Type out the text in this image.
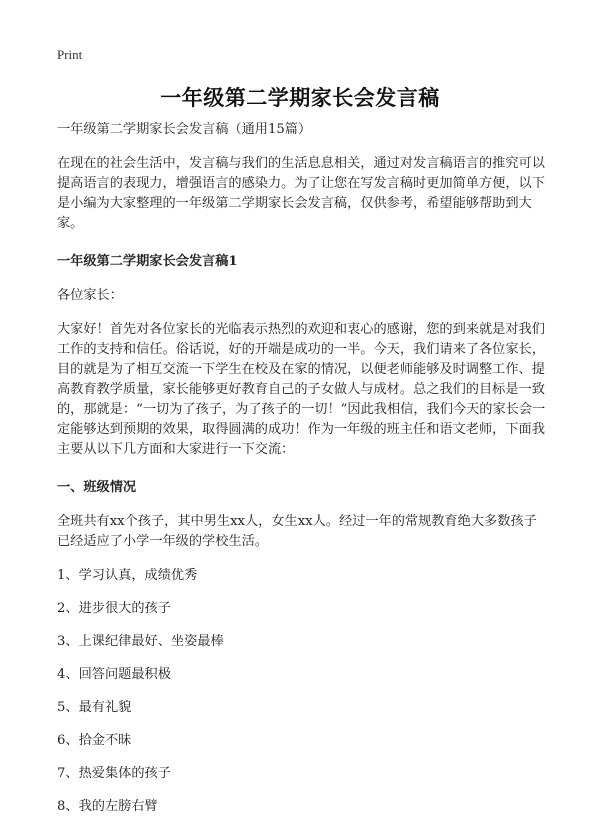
Print
一年级第二学期家长会发言稿

一年级第二学期家长会发言稿（通用15篇）

在现在的社会生活中，发言稿与我们的生活息息相关，通过对发言稿语言的推究可以提高语言的表现力，增强语言的感染力。为了让您在写发言稿时更加简单方便，以下是小编为大家整理的一年级第二学期家长会发言稿，仅供参考，希望能够帮助到大家。

一年级第二学期家长会发言稿1

各位家长：

大家好！首先对各位家长的光临表示热烈的欢迎和衷心的感谢，您的到来就是对我们工作的支持和信任。俗话说，好的开端是成功的一半。今天，我们请来了各位家长，目的就是为了相互交流一下学生在校及在家的情况，以便老师能够及时调整工作、提高教育教学质量，家长能够更好教育自己的子女做人与成材。总之我们的目标是一致的，那就是：“一切为了孩子，为了孩子的一切！”因此我相信，我们今天的家长会一定能够达到预期的效果，取得圆满的成功！作为一年级的班主任和语文老师，下面我主要从以下几方面和大家进行一下交流：

一、班级情况

全班共有xx个孩子，其中男生xx人，女生xx人。经过一年的常规教育绝大多数孩子已经适应了小学一年级的学校生活。

1、学习认真，成绩优秀
2、进步很大的孩子
3、上课纪律最好、坐姿最棒
4、回答问题最积极
5、最有礼貌
6、拾金不昧
7、热爱集体的孩子
8、我的左膀右臂
